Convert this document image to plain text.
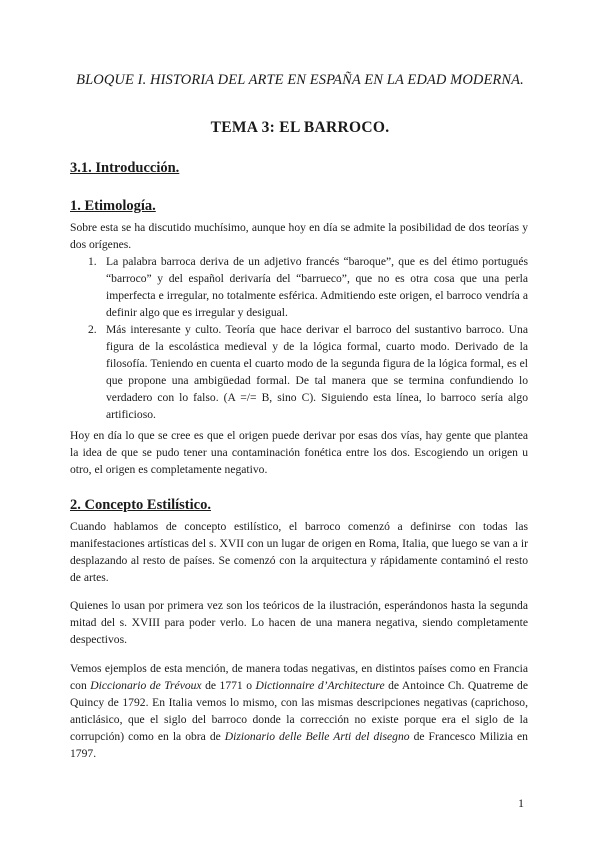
BLOQUE I. HISTORIA DEL ARTE EN ESPAÑA EN LA EDAD MODERNA.
TEMA 3: EL BARROCO.
3.1. Introducción.
1. Etimología.
Sobre esta se ha discutido muchísimo, aunque hoy en día se admite la posibilidad de dos teorías y dos orígenes.
1. La palabra barroca deriva de un adjetivo francés “baroque”, que es del étimo portugués “barroco” y del español derivaría del “barrueco”, que no es otra cosa que una perla imperfecta e irregular, no totalmente esférica. Admitiendo este origen, el barroco vendría a definir algo que es irregular y desigual.
2. Más interesante y culto. Teoría que hace derivar el barroco del sustantivo barroco. Una figura de la escolástica medieval y de la lógica formal, cuarto modo. Derivado de la filosofía. Teniendo en cuenta el cuarto modo de la segunda figura de la lógica formal, es el que propone una ambigüedad formal. De tal manera que se termina confundiendo lo verdadero con lo falso. (A =/= B, sino C). Siguiendo esta línea, lo barroco sería algo artificioso.
Hoy en día lo que se cree es que el origen puede derivar por esas dos vías, hay gente que plantea la idea de que se pudo tener una contaminación fonética entre los dos. Escogiendo un origen u otro, el origen es completamente negativo.
2. Concepto Estilístico.
Cuando hablamos de concepto estilístico, el barroco comenzó a definirse con todas las manifestaciones artísticas del s. XVII con un lugar de origen en Roma, Italia, que luego se van a ir desplazando al resto de países. Se comenzó con la arquitectura y rápidamente contaminó el resto de artes.
Quienes lo usan por primera vez son los teóricos de la ilustración, esperándonos hasta la segunda mitad del s. XVIII para poder verlo. Lo hacen de una manera negativa, siendo completamente despectivos.
Vemos ejemplos de esta mención, de manera todas negativas, en distintos países como en Francia con Diccionario de Trévoux de 1771 o Dictionnaire d’Architecture de Antoince Ch. Quatreme de Quincy de 1792. En Italia vemos lo mismo, con las mismas descripciones negativas (caprichoso, anticlásico, que el siglo del barroco donde la corrección no existe porque era el siglo de la corrupción) como en la obra de Dizionario delle Belle Arti del disegno de Francesco Milizia en 1797.
1
